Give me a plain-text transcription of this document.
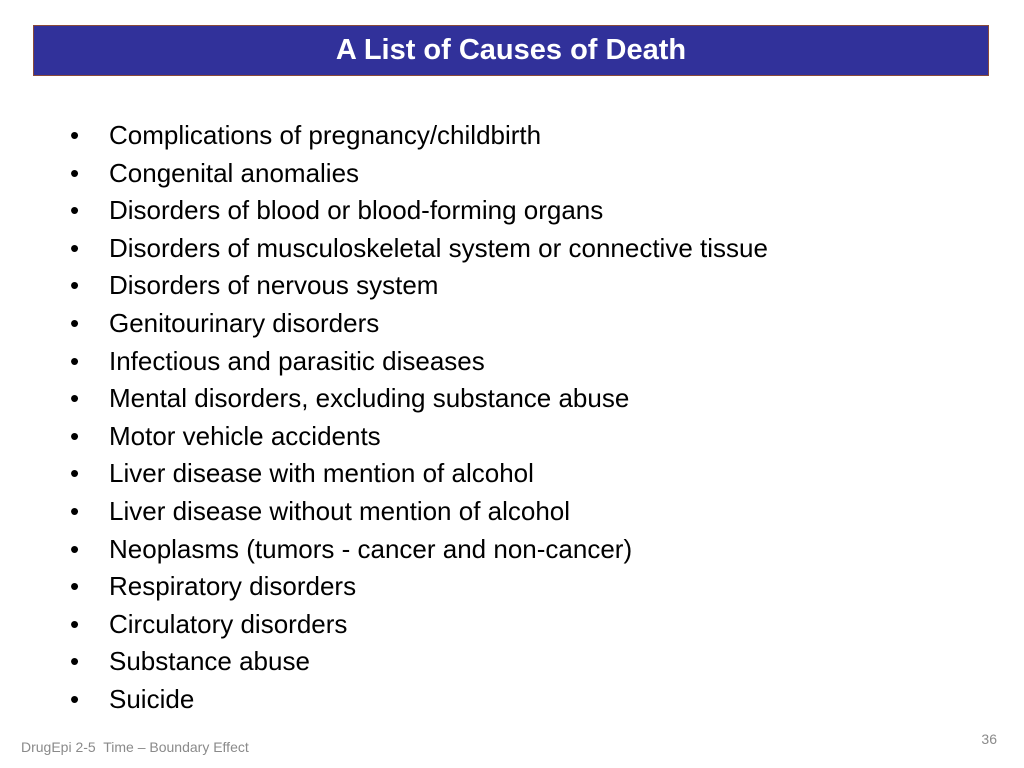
A List of Causes of Death
•	Complications of pregnancy/childbirth
•	Congenital anomalies
•	Disorders of blood or blood-forming organs
•	Disorders of musculoskeletal system or connective tissue
•	Disorders of nervous system
•	Genitourinary disorders
•	Infectious and parasitic diseases
•	Mental disorders, excluding substance abuse
•	Motor vehicle accidents
•	Liver disease with mention of alcohol
•	Liver disease without mention of alcohol
•	Neoplasms (tumors - cancer and non-cancer)
•	Respiratory disorders
•	Circulatory disorders
•	Substance abuse
•	Suicide
DrugEpi 2-5  Time – Boundary Effect	36
